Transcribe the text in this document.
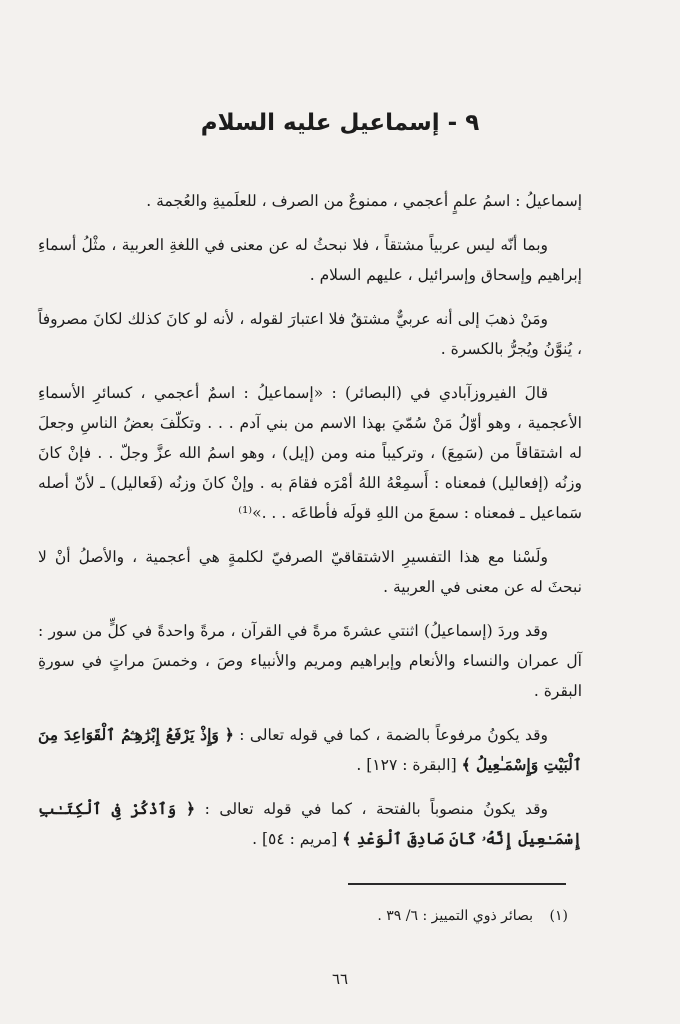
٩ - إسماعيل عليه السلام

إسماعيلُ : اسمُ علمٍ أعجمي ، ممنوعٌ من الصرف ، للعلَميةِ والعُجمة .

وبما أنّه ليس عربياً مشتقاً ، فلا نبحثُ له عن معنى في اللغةِ العربية ، مثْلُ أسماءِ إبراهيم وإسحاق وإسرائيل ، عليهم السلام .

ومَنْ ذهبَ إلى أنه عربيٌّ مشتقٌ فلا اعتبارَ لقوله ، لأنه لو كانَ كذلك لكانَ مصروفاً ، يُنوَّنُ ويُجرُّ بالكسرة .

قالَ الفيروزآبادي في (البصائر) : «إسماعيلُ : اسمٌ أعجمي ، كسائرِ الأسماءِ الأعجمية ، وهو أوّلُ مَنْ سُمّيَ بهذا الاسم من بني آدم . . . وتكلّفَ بعضُ الناسِ وجعلَ له اشتقاقاً من (سَمِعَ) ، وتركيباً منه ومن (إيل) ، وهو اسمُ الله عزَّ وجلّ . . فإنْ كانَ وزنُه (إفعاليل) فمعناه : أَسمِعْهُ اللهُ أمْرَه فقامَ به . وإنْ كانَ وزنُه (فَعاليل) ـ لأنّ أصله سَماعيل ـ فمعناه : سمعَ من اللهِ قولَه فأطاعَه . . .»⁽¹⁾

ولَسْنا مع هذا التفسيرِ الاشتقاقيّ الصرفيّ لكلمةٍ هي أعجمية ، والأصلُ أنْ لا نبحثَ له عن معنى في العربية .

وقد وردَ (إسماعيلُ) اثنتي عشرةَ مرةً في القرآن ، مرةً واحدةً في كلٍّ من سور : آل عمران والنساء والأنعام وإبراهيم ومريم والأنبياء وصَ ، وخمسَ مراتٍ في سورةِ البقرة .

وقد يكونُ مرفوعاً بالضمة ، كما في قوله تعالى : ﴿ وَإِذْ يَرْفَعُ إِبْرَٰهِـۧمُ ٱلْقَوَاعِدَ مِنَ ٱلْبَيْتِ وَإِسْمَـٰعِيلُ ﴾ [البقرة : ١٢٧] .

وقد يكونُ منصوباً بالفتحة ، كما في قوله تعالى : ﴿ وَٱذْكُرْ فِى ٱلْكِتَـٰبِ إِسْمَـٰعِيلَ إِنَّهُۥ كَانَ صَادِقَ ٱلْوَعْدِ ﴾ [مريم : ٥٤] .

(١) بصائر ذوي التمييز : ٦/ ٣٩ .
٦٦
